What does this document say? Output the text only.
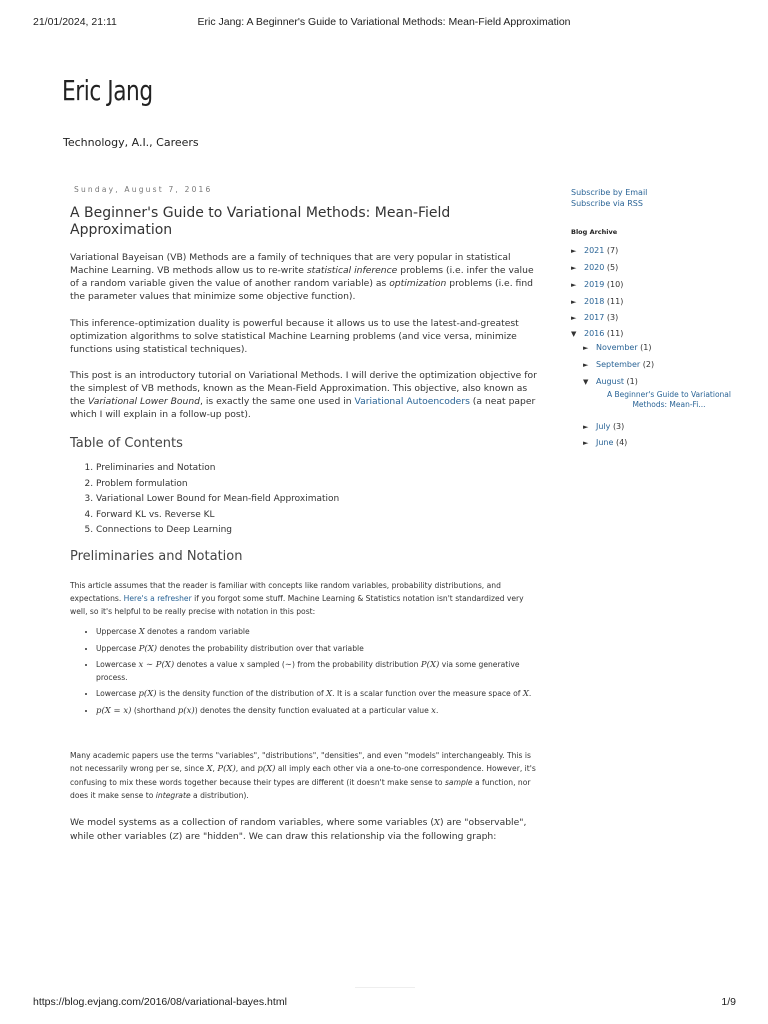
21/01/2024, 21:11	Eric Jang: A Beginner's Guide to Variational Methods: Mean-Field Approximation
https://blog.evjang.com/2016/08/variational-bayes.html	1/9
Eric Jang
Technology, A.I., Careers
Sunday, August 7, 2016
A Beginner's Guide to Variational Methods: Mean-Field Approximation

Variational Bayeisan (VB) Methods are a family of techniques that are very popular in statistical Machine Learning. VB methods allow us to re-write statistical inference problems (i.e. infer the value of a random variable given the value of another random variable) as optimization problems (i.e. find the parameter values that minimize some objective function).

This inference-optimization duality is powerful because it allows us to use the latest-and-greatest optimization algorithms to solve statistical Machine Learning problems (and vice versa, minimize functions using statistical techniques).

This post is an introductory tutorial on Variational Methods. I will derive the optimization objective for the simplest of VB methods, known as the Mean-Field Approximation. This objective, also known as the Variational Lower Bound, is exactly the same one used in Variational Autoencoders (a neat paper which I will explain in a follow-up post).

Table of Contents
1. Preliminaries and Notation
2. Problem formulation
3. Variational Lower Bound for Mean-field Approximation
4. Forward KL vs. Reverse KL
5. Connections to Deep Learning
Preliminaries and Notation

This article assumes that the reader is familiar with concepts like random variables, probability distributions, and expectations. Here's a refresher if you forgot some stuff. Machine Learning & Statistics notation isn't standardized very well, so it's helpful to be really precise with notation in this post:

• Uppercase X denotes a random variable
• Uppercase P(X) denotes the probability distribution over that variable
• Lowercase x ∼ P(X) denotes a value x sampled (∼) from the probability distribution P(X) via some generative process.
• Lowercase p(X) is the density function of the distribution of X. It is a scalar function over the measure space of X.
• p(X = x) (shorthand p(x)) denotes the density function evaluated at a particular value x.

Many academic papers use the terms "variables", "distributions", "densities", and even "models" interchangeably. This is not necessarily wrong per se, since X, P(X), and p(X) all imply each other via a one-to-one correspondence. However, it's confusing to mix these words together because their types are different (it doesn't make sense to sample a function, nor does it make sense to integrate a distribution).

We model systems as a collection of random variables, where some variables (X) are "observable", while other variables (Z) are "hidden". We can draw this relationship via the following graph:

Subscribe by Email
Subscribe via RSS
Blog Archive
► 2021 (7)
► 2020 (5)
► 2019 (10)
► 2018 (11)
► 2017 (3)
▼ 2016 (11)
► November (1)
► September (2)
▼ August (1)
A Beginner's Guide to Variational Methods: Mean-Fi...
► July (3)
► June (4)
